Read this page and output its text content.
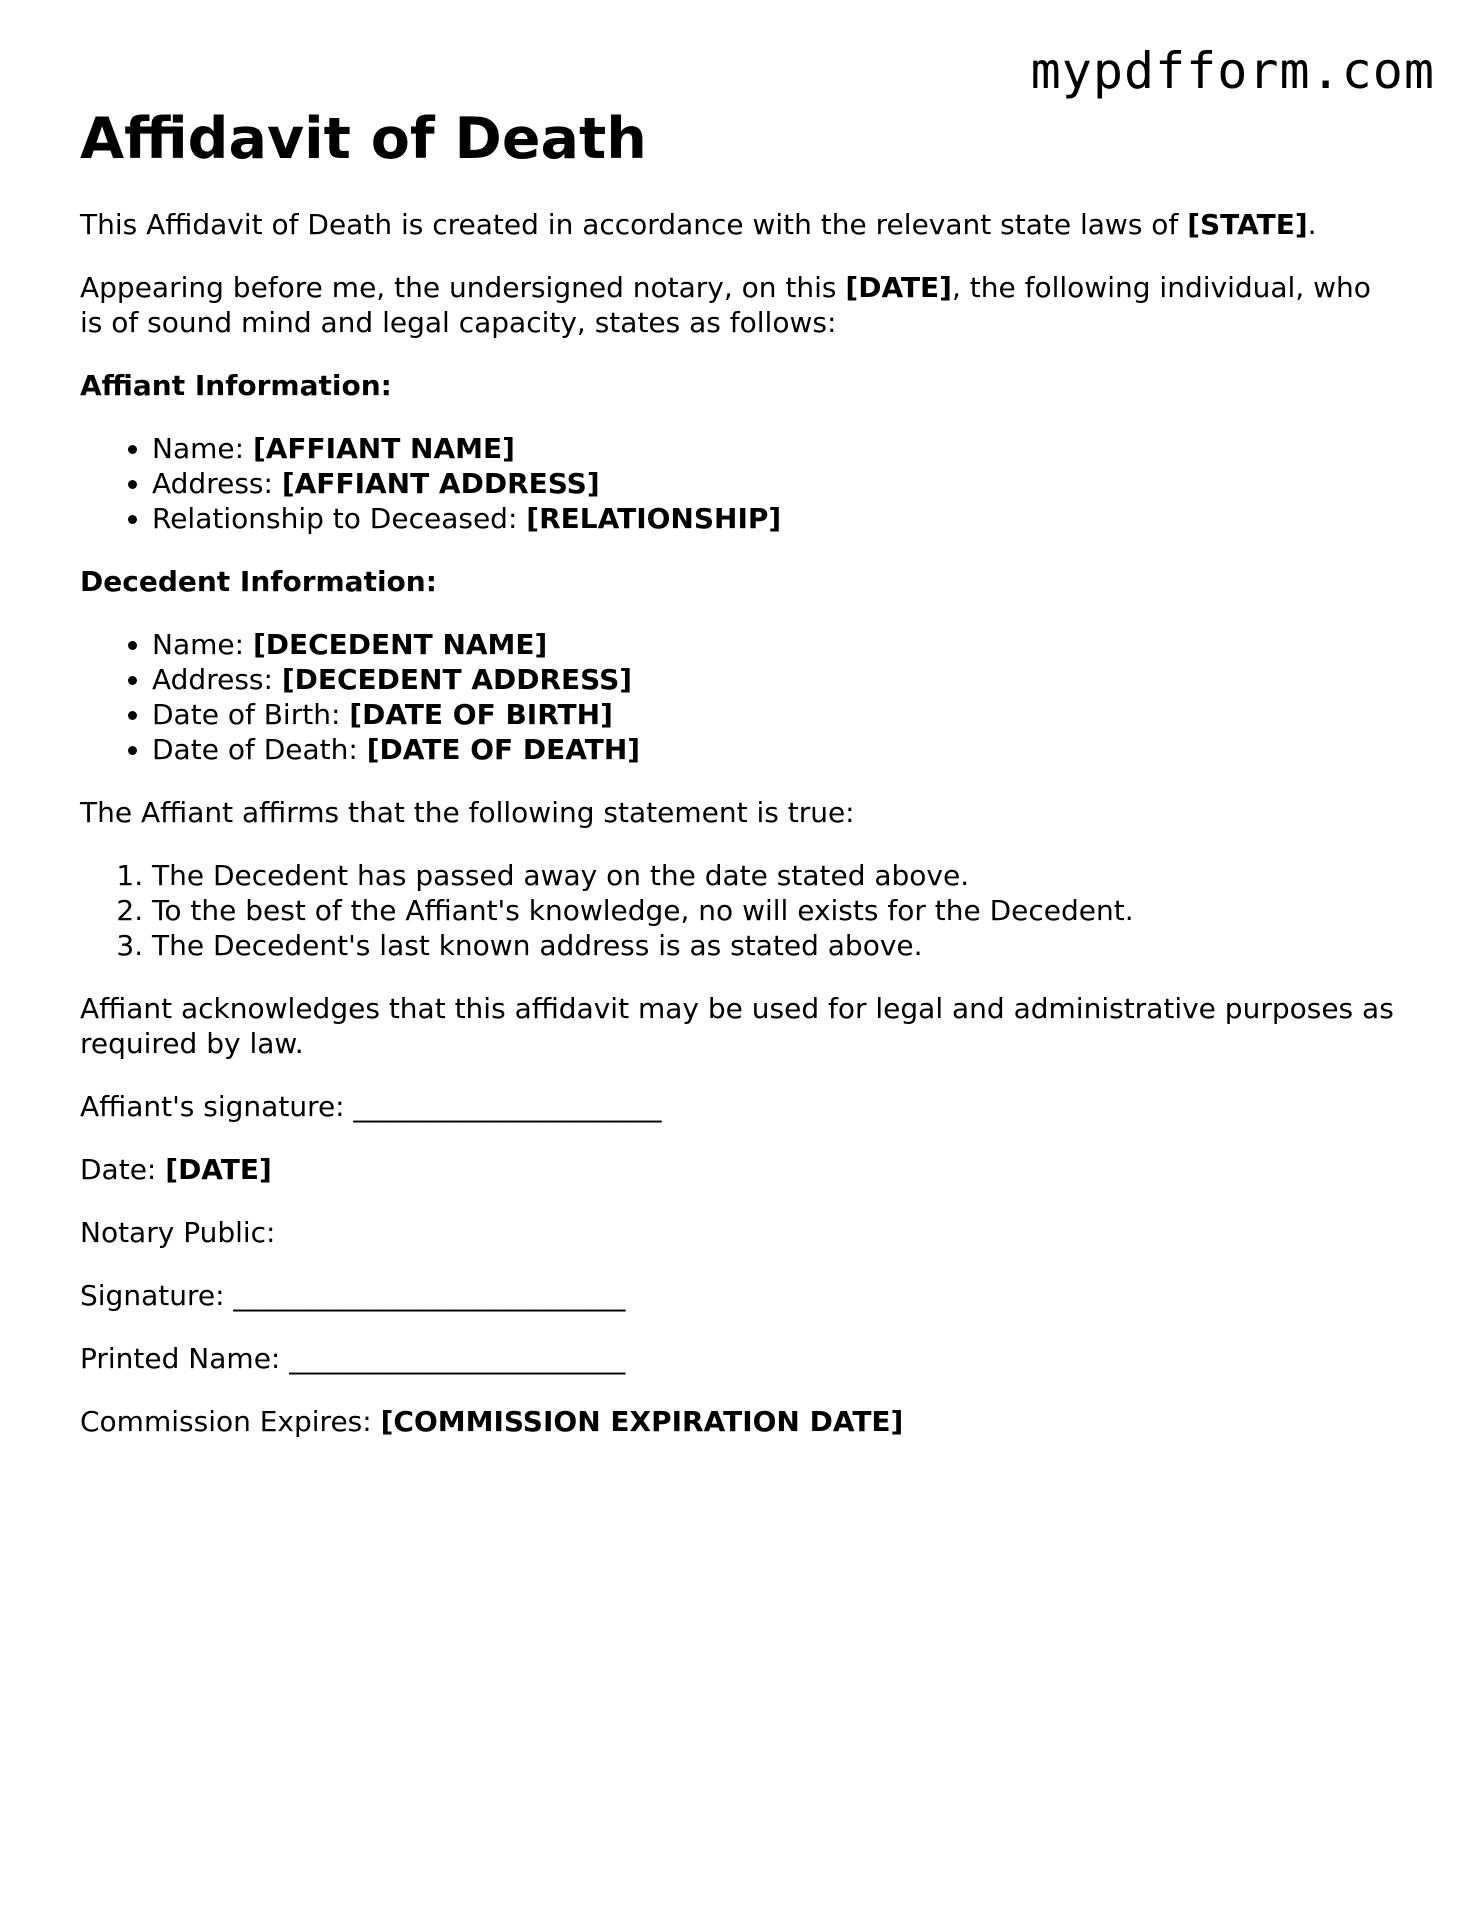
mypdfform.com
Affidavit of Death

This Affidavit of Death is created in accordance with the relevant state laws of [STATE].

Appearing before me, the undersigned notary, on this [DATE], the following individual, who is of sound mind and legal capacity, states as follows:

Affiant Information:
• Name: [AFFIANT NAME]
• Address: [AFFIANT ADDRESS]
• Relationship to Deceased: [RELATIONSHIP]
Decedent Information:
• Name: [DECEDENT NAME]
• Address: [DECEDENT ADDRESS]
• Date of Birth: [DATE OF BIRTH]
• Date of Death: [DATE OF DEATH]

The Affiant affirms that the following statement is true:

1. The Decedent has passed away on the date stated above.
2. To the best of the Affiant's knowledge, no will exists for the Decedent.
3. The Decedent's last known address is as stated above.

Affiant acknowledges that this affidavit may be used for legal and administrative purposes as required by law.

Affiant's signature: ______________________

Date: [DATE]

Notary Public:

Signature: ____________________________

Printed Name: ________________________

Commission Expires: [COMMISSION EXPIRATION DATE]
